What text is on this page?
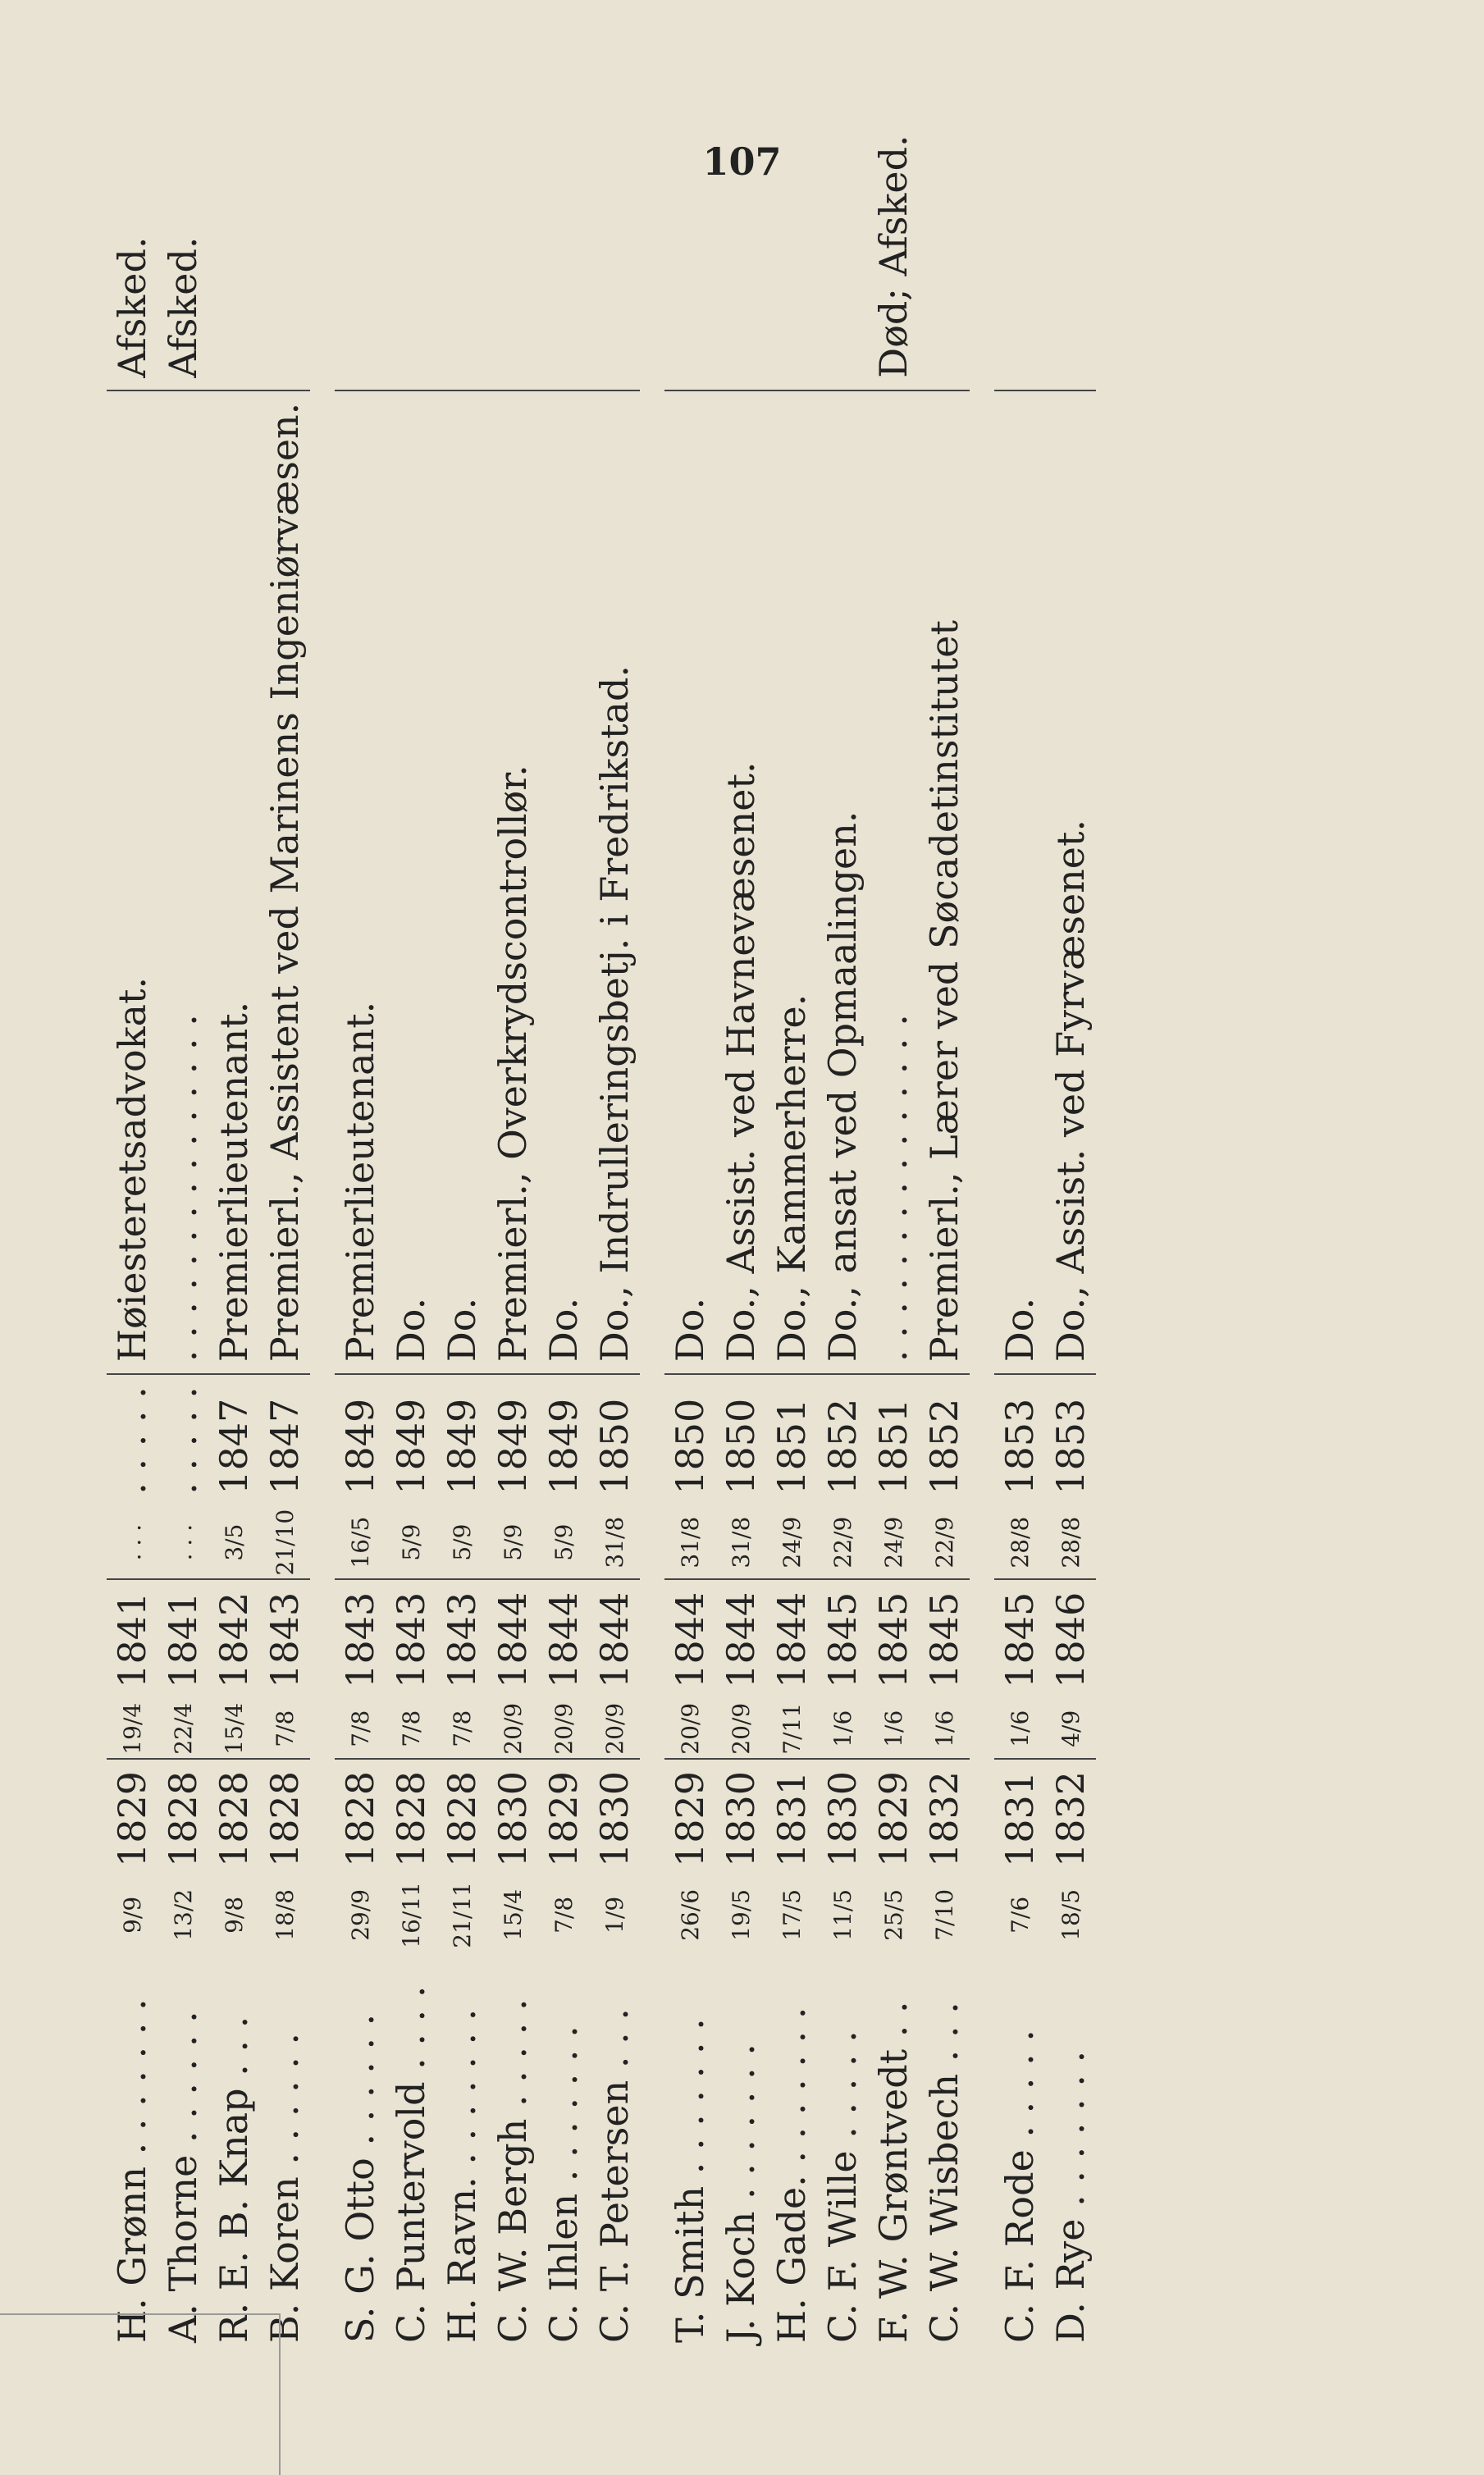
107
H. Grønn . . . . . . .	9/9	1829	19/4	1841	. . .	. . . . .	Høiesteretsadvokat.	Afsked.
A. Thorne . . . . . .	13/2	1828	22/4	1841	. . .	. . . . .	. . . . . . . . . . . . . . .	Afsked.
R. E. B. Knap . . .	9/8	1828	15/4	1842	3/5	1847	Premierlieutenant.	
B. Koren . . . . . .	18/8	1828	7/8	1843	21/10	1847	Premierl., Assistent ved Marinens Ingeniørvæsen.	

S. G. Otto . . . . . .	29/9	1828	7/8	1843	16/5	1849	Premierlieutenant.	
C. Puntervold . . . .	16/11	1828	7/8	1843	5/9	1849	Do.	
H. Ravn. . . . . . . .	21/11	1828	7/8	1843	5/9	1849	Do.	
C. W. Bergh . . . . .	15/4	1830	20/9	1844	5/9	1849	Premierl., Overkrydscontrollør.	
C. Ihlen . . . . . . .	7/8	1829	20/9	1844	5/9	1849	Do.	
C. T. Petersen . . .	1/9	1830	20/9	1844	31/8	1850	Do., Indrulleringsbetj. i Fredrikstad.	

T. Smith . . . . . . .	26/6	1829	20/9	1844	31/8	1850	Do.	
J. Koch . . . . . . .	19/5	1830	20/9	1844	31/8	1850	Do., Assist. ved Havnevæsenet.	
H. Gade. . . . . . . .	17/5	1831	7/11	1844	24/9	1851	Do., Kammerherre.	
C. F. Wille . . . . .	11/5	1830	1/6	1845	22/9	1852	Do., ansat ved Opmaalingen.	
F. W. Grøntvedt . .	25/5	1829	1/6	1845	24/9	1851	. . . . . . . . . . . . . . .	Død; Afsked.
C. W. Wisbech . . .	7/10	1832	1/6	1845	22/9	1852	Premierl., Lærer ved Søcadetinstitutet	

C. F. Rode . . . . .	7/6	1831	1/6	1845	28/8	1853	Do.	
D. Rye . . . . . . .	18/5	1832	4/9	1846	28/8	1853	Do., Assist. ved Fyrvæsenet.	
